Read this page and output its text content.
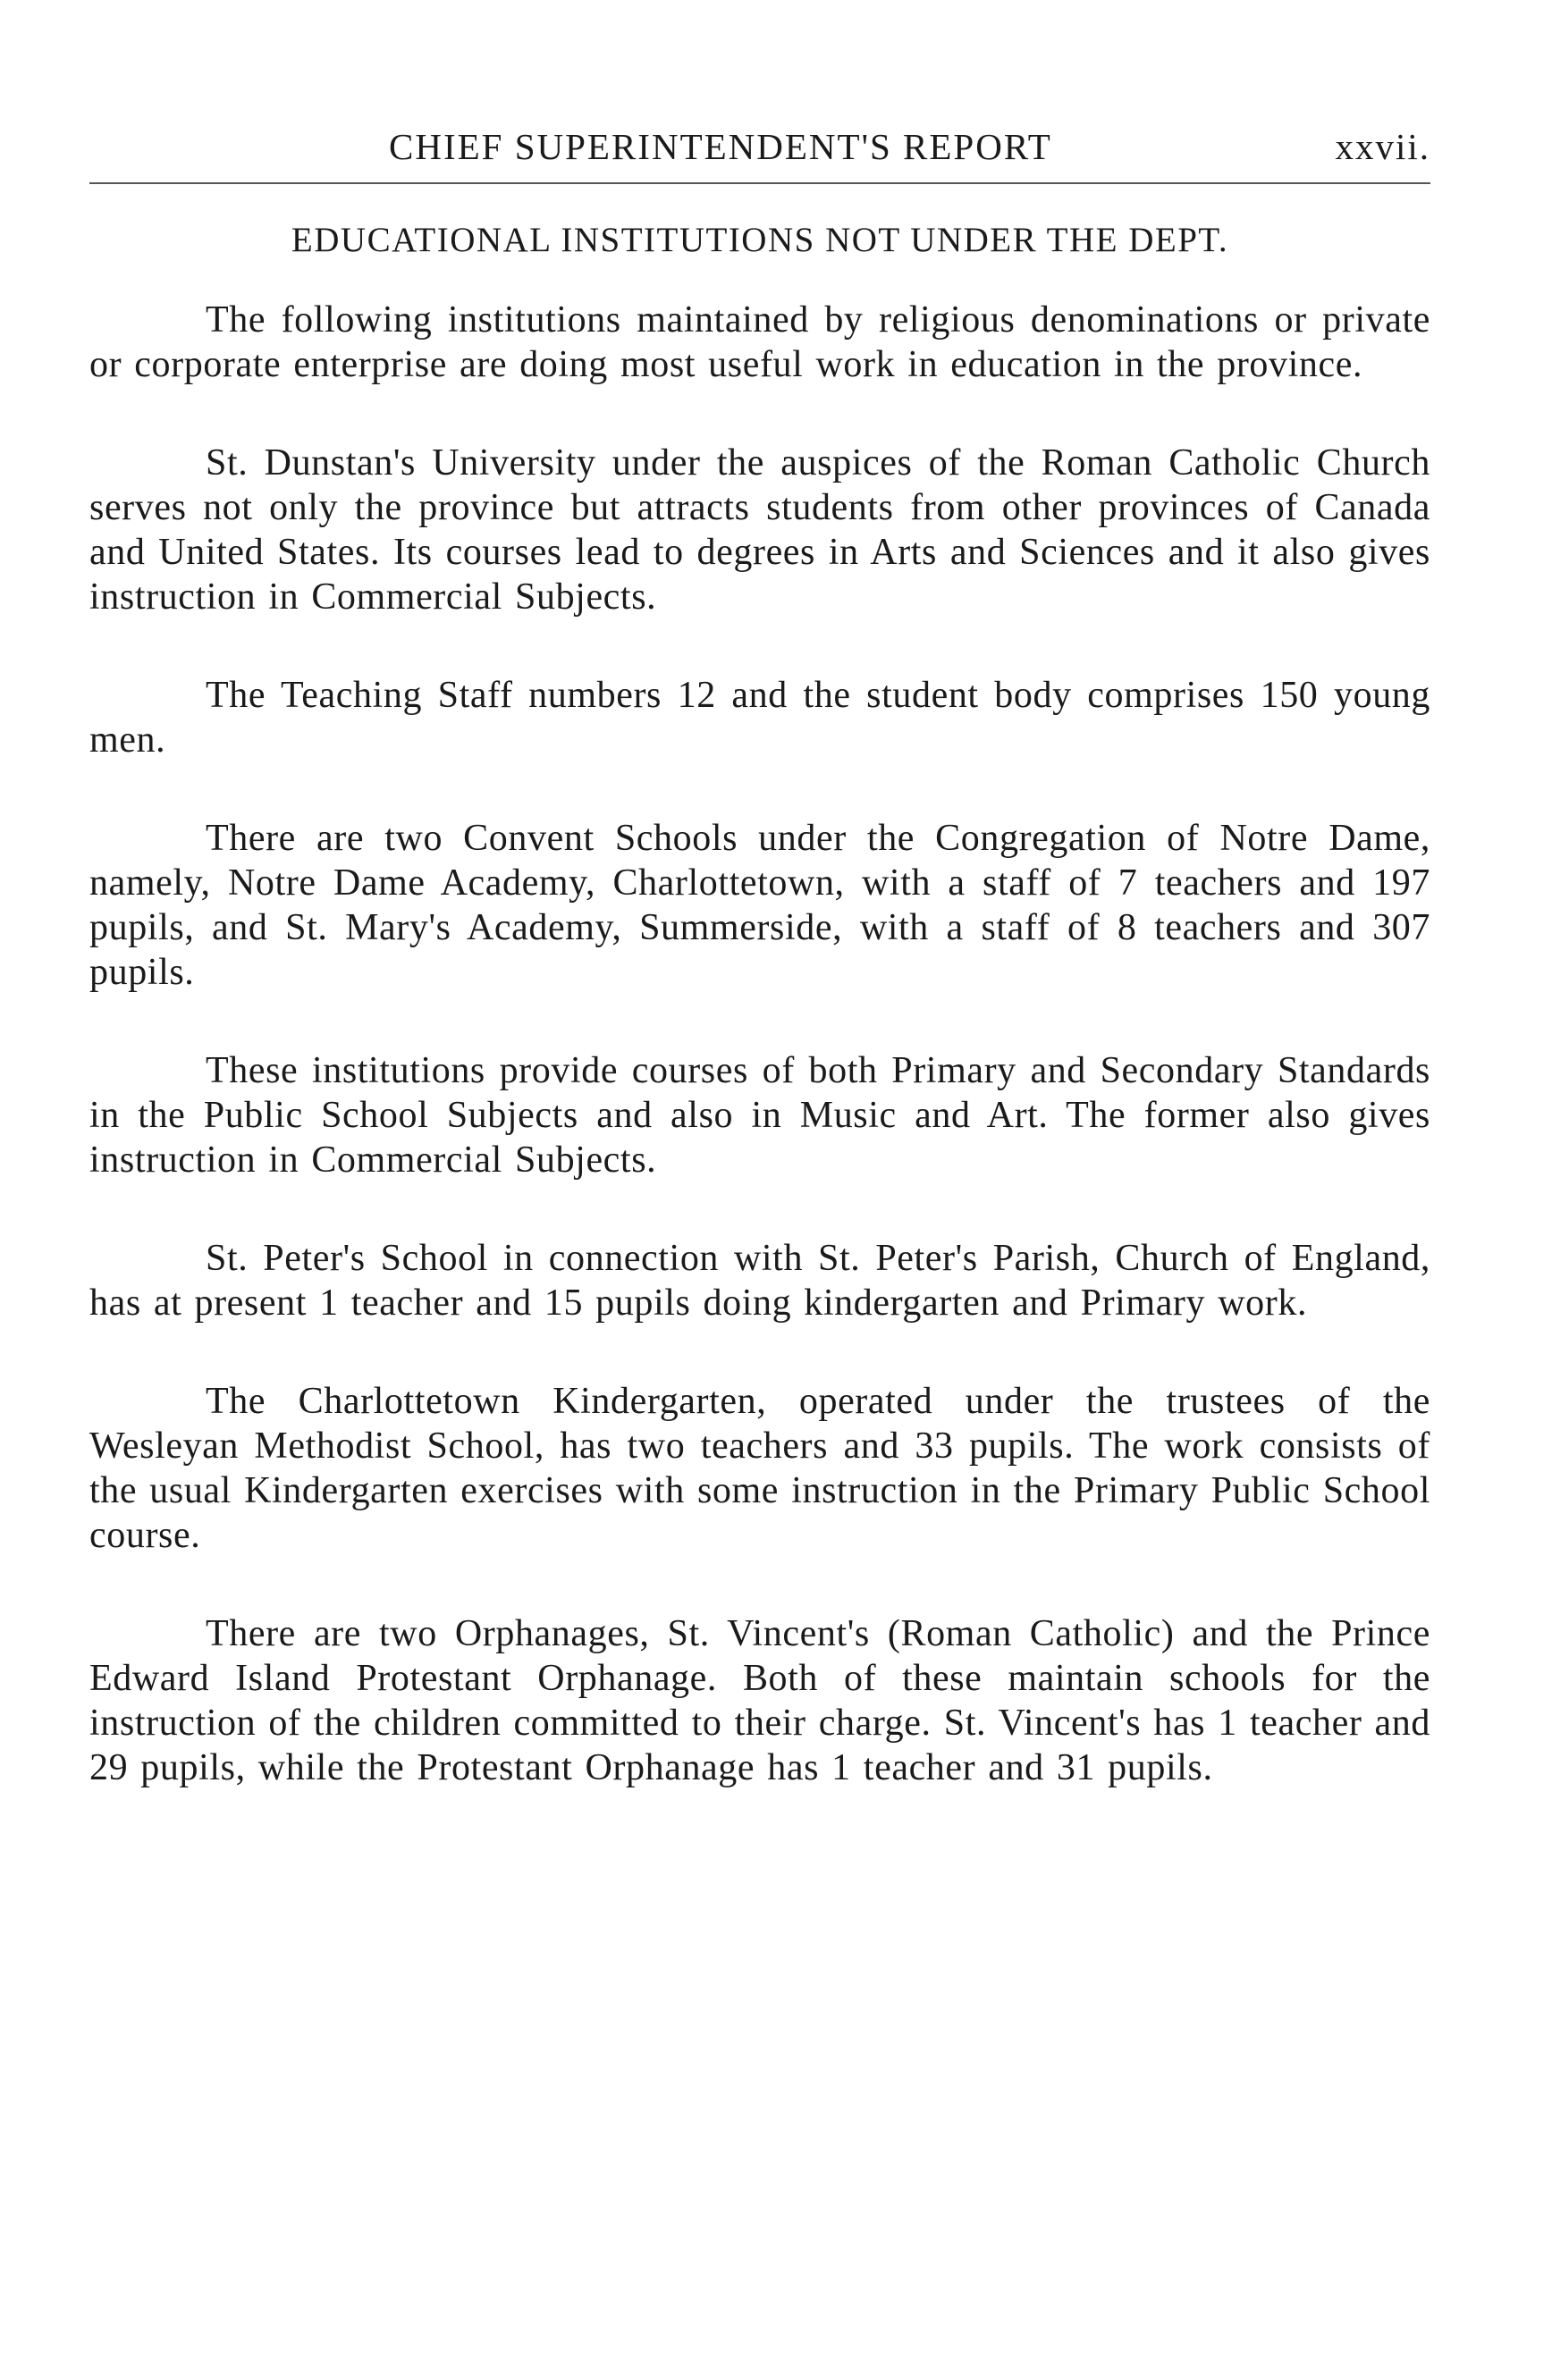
CHIEF SUPERINTENDENT'S REPORT	xxvii.
EDUCATIONAL INSTITUTIONS NOT UNDER THE DEPT.

The following institutions maintained by religious denominations or private or corporate enterprise are doing most useful work in education in the province.

St. Dunstan's University under the auspices of the Roman Catholic Church serves not only the province but attracts students from other provinces of Canada and United States. Its courses lead to degrees in Arts and Sciences and it also gives instruction in Commercial Subjects.

The Teaching Staff numbers 12 and the student body comprises 150 young men.

There are two Convent Schools under the Congregation of Notre Dame, namely, Notre Dame Academy, Charlottetown, with a staff of 7 teachers and 197 pupils, and St. Mary's Academy, Summerside, with a staff of 8 teachers and 307 pupils.

These institutions provide courses of both Primary and Secondary Standards in the Public School Subjects and also in Music and Art. The former also gives instruction in Commercial Subjects.

St. Peter's School in connection with St. Peter's Parish, Church of England, has at present 1 teacher and 15 pupils doing kindergarten and Primary work.

The Charlottetown Kindergarten, operated under the trustees of the Wesleyan Methodist School, has two teachers and 33 pupils. The work consists of the usual Kindergarten exercises with some instruction in the Primary Public School course.

There are two Orphanages, St. Vincent's (Roman Catholic) and the Prince Edward Island Protestant Orphanage. Both of these maintain schools for the instruction of the children committed to their charge. St. Vincent's has 1 teacher and 29 pupils, while the Protestant Orphanage has 1 teacher and 31 pupils.
